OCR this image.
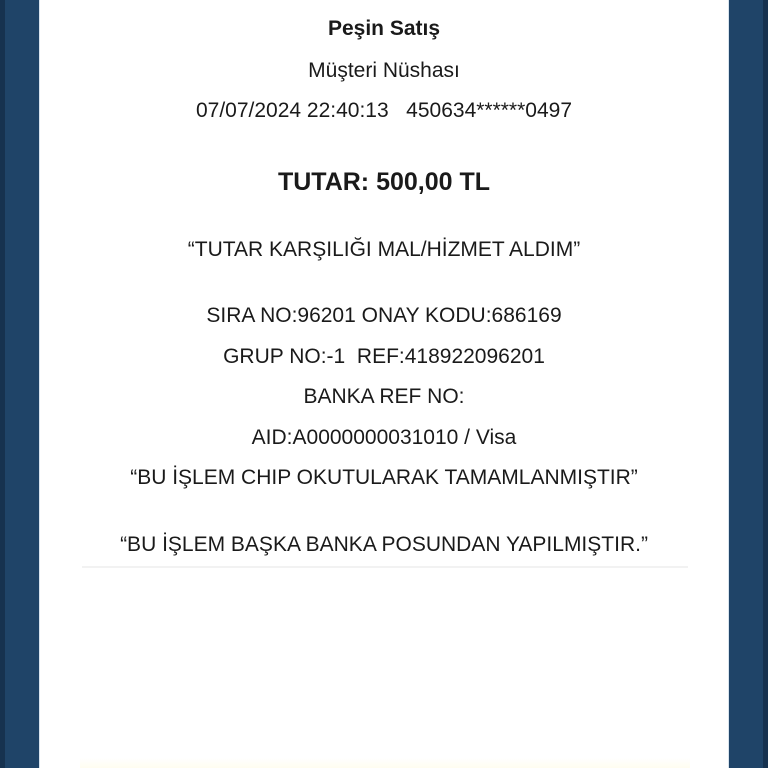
Peşin Satış
Müşteri Nüshası
07/07/2024 22:40:13   450634******0497
TUTAR: 500,00 TL
“TUTAR KARŞILIĞI MAL/HİZMET ALDIM”
SIRA NO:96201 ONAY KODU:686169
GRUP NO:-1  REF:418922096201
BANKA REF NO:
AID:A0000000031010 / Visa
“BU İŞLEM CHIP OKUTULARAK TAMAMLANMIŞTIR”
“BU İŞLEM BAŞKA BANKA POSUNDAN YAPILMIŞTIR.”
